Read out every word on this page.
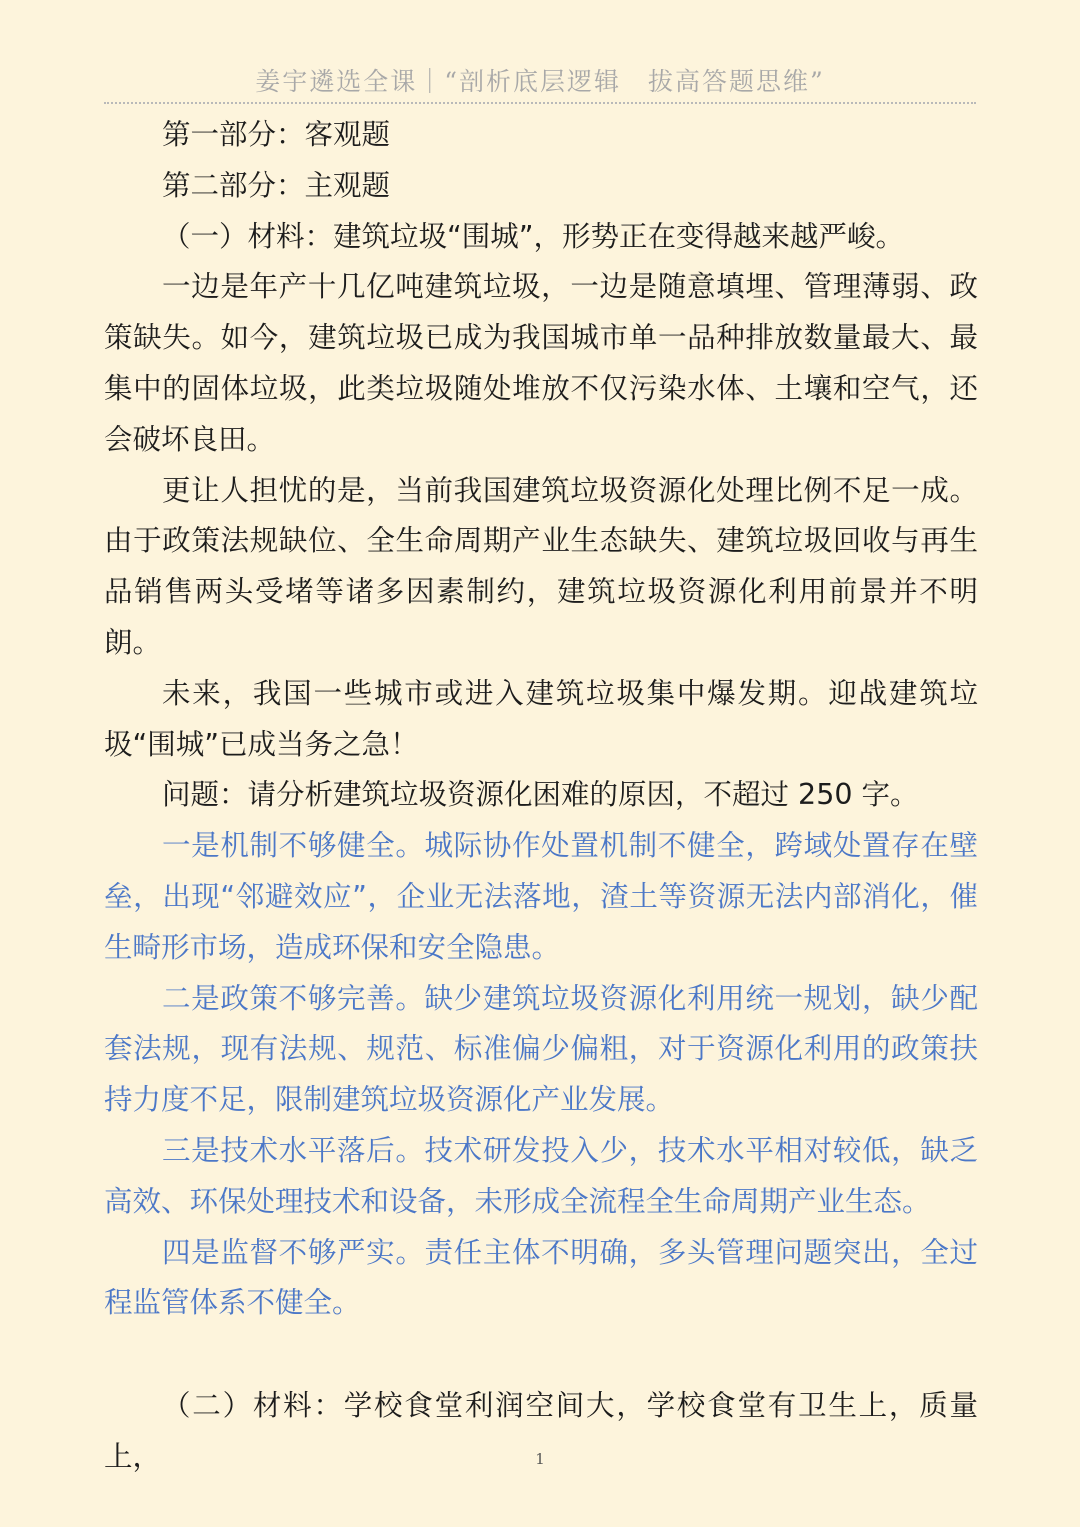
姜宇遴选全课｜“剖析底层逻辑　拔高答题思维”

第一部分：客观题

第二部分：主观题

（一）材料：建筑垃圾“围城”，形势正在变得越来越严峻。

一边是年产十几亿吨建筑垃圾，一边是随意填埋、管理薄弱、政策缺失。如今，建筑垃圾已成为我国城市单一品种排放数量最大、最集中的固体垃圾，此类垃圾随处堆放不仅污染水体、土壤和空气，还会破坏良田。

更让人担忧的是，当前我国建筑垃圾资源化处理比例不足一成。由于政策法规缺位、全生命周期产业生态缺失、建筑垃圾回收与再生品销售两头受堵等诸多因素制约，建筑垃圾资源化利用前景并不明朗。

未来，我国一些城市或进入建筑垃圾集中爆发期。迎战建筑垃圾“围城”已成当务之急！

问题：请分析建筑垃圾资源化困难的原因，不超过 250 字。

一是机制不够健全。城际协作处置机制不健全，跨域处置存在壁垒，出现“邻避效应”，企业无法落地，渣土等资源无法内部消化，催生畸形市场，造成环保和安全隐患。

二是政策不够完善。缺少建筑垃圾资源化利用统一规划，缺少配套法规，现有法规、规范、标准偏少偏粗，对于资源化利用的政策扶持力度不足，限制建筑垃圾资源化产业发展。

三是技术水平落后。技术研发投入少，技术水平相对较低，缺乏高效、环保处理技术和设备，未形成全流程全生命周期产业生态。

四是监督不够严实。责任主体不明确，多头管理问题突出，全过程监管体系不健全。

（二）材料：学校食堂利润空间大，学校食堂有卫生上，质量上，	1
